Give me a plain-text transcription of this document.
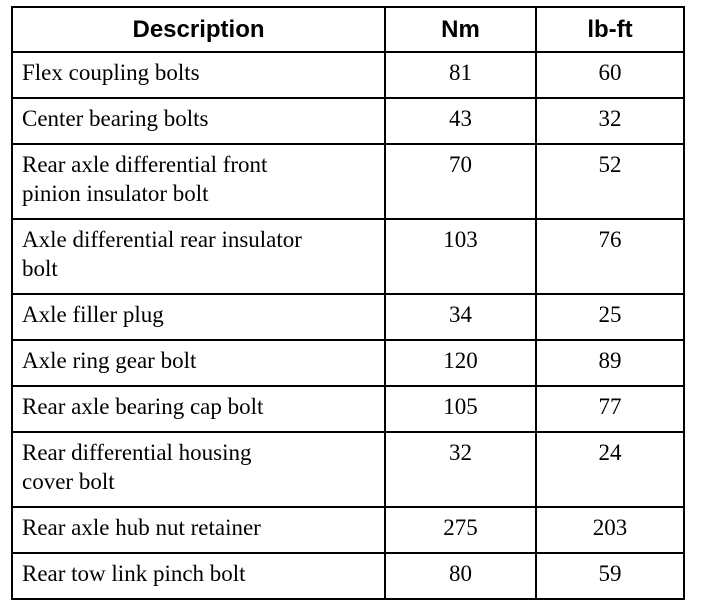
Description	Nm	lb-ft
Flex coupling bolts	81	60
Center bearing bolts	43	32
Rear axle differential front
pinion insulator bolt	70	52
Axle differential rear insulator
bolt	103	76
Axle filler plug	34	25
Axle ring gear bolt	120	89
Rear axle bearing cap bolt	105	77
Rear differential housing
cover bolt	32	24
Rear axle hub nut retainer	275	203
Rear tow link pinch bolt	80	59
